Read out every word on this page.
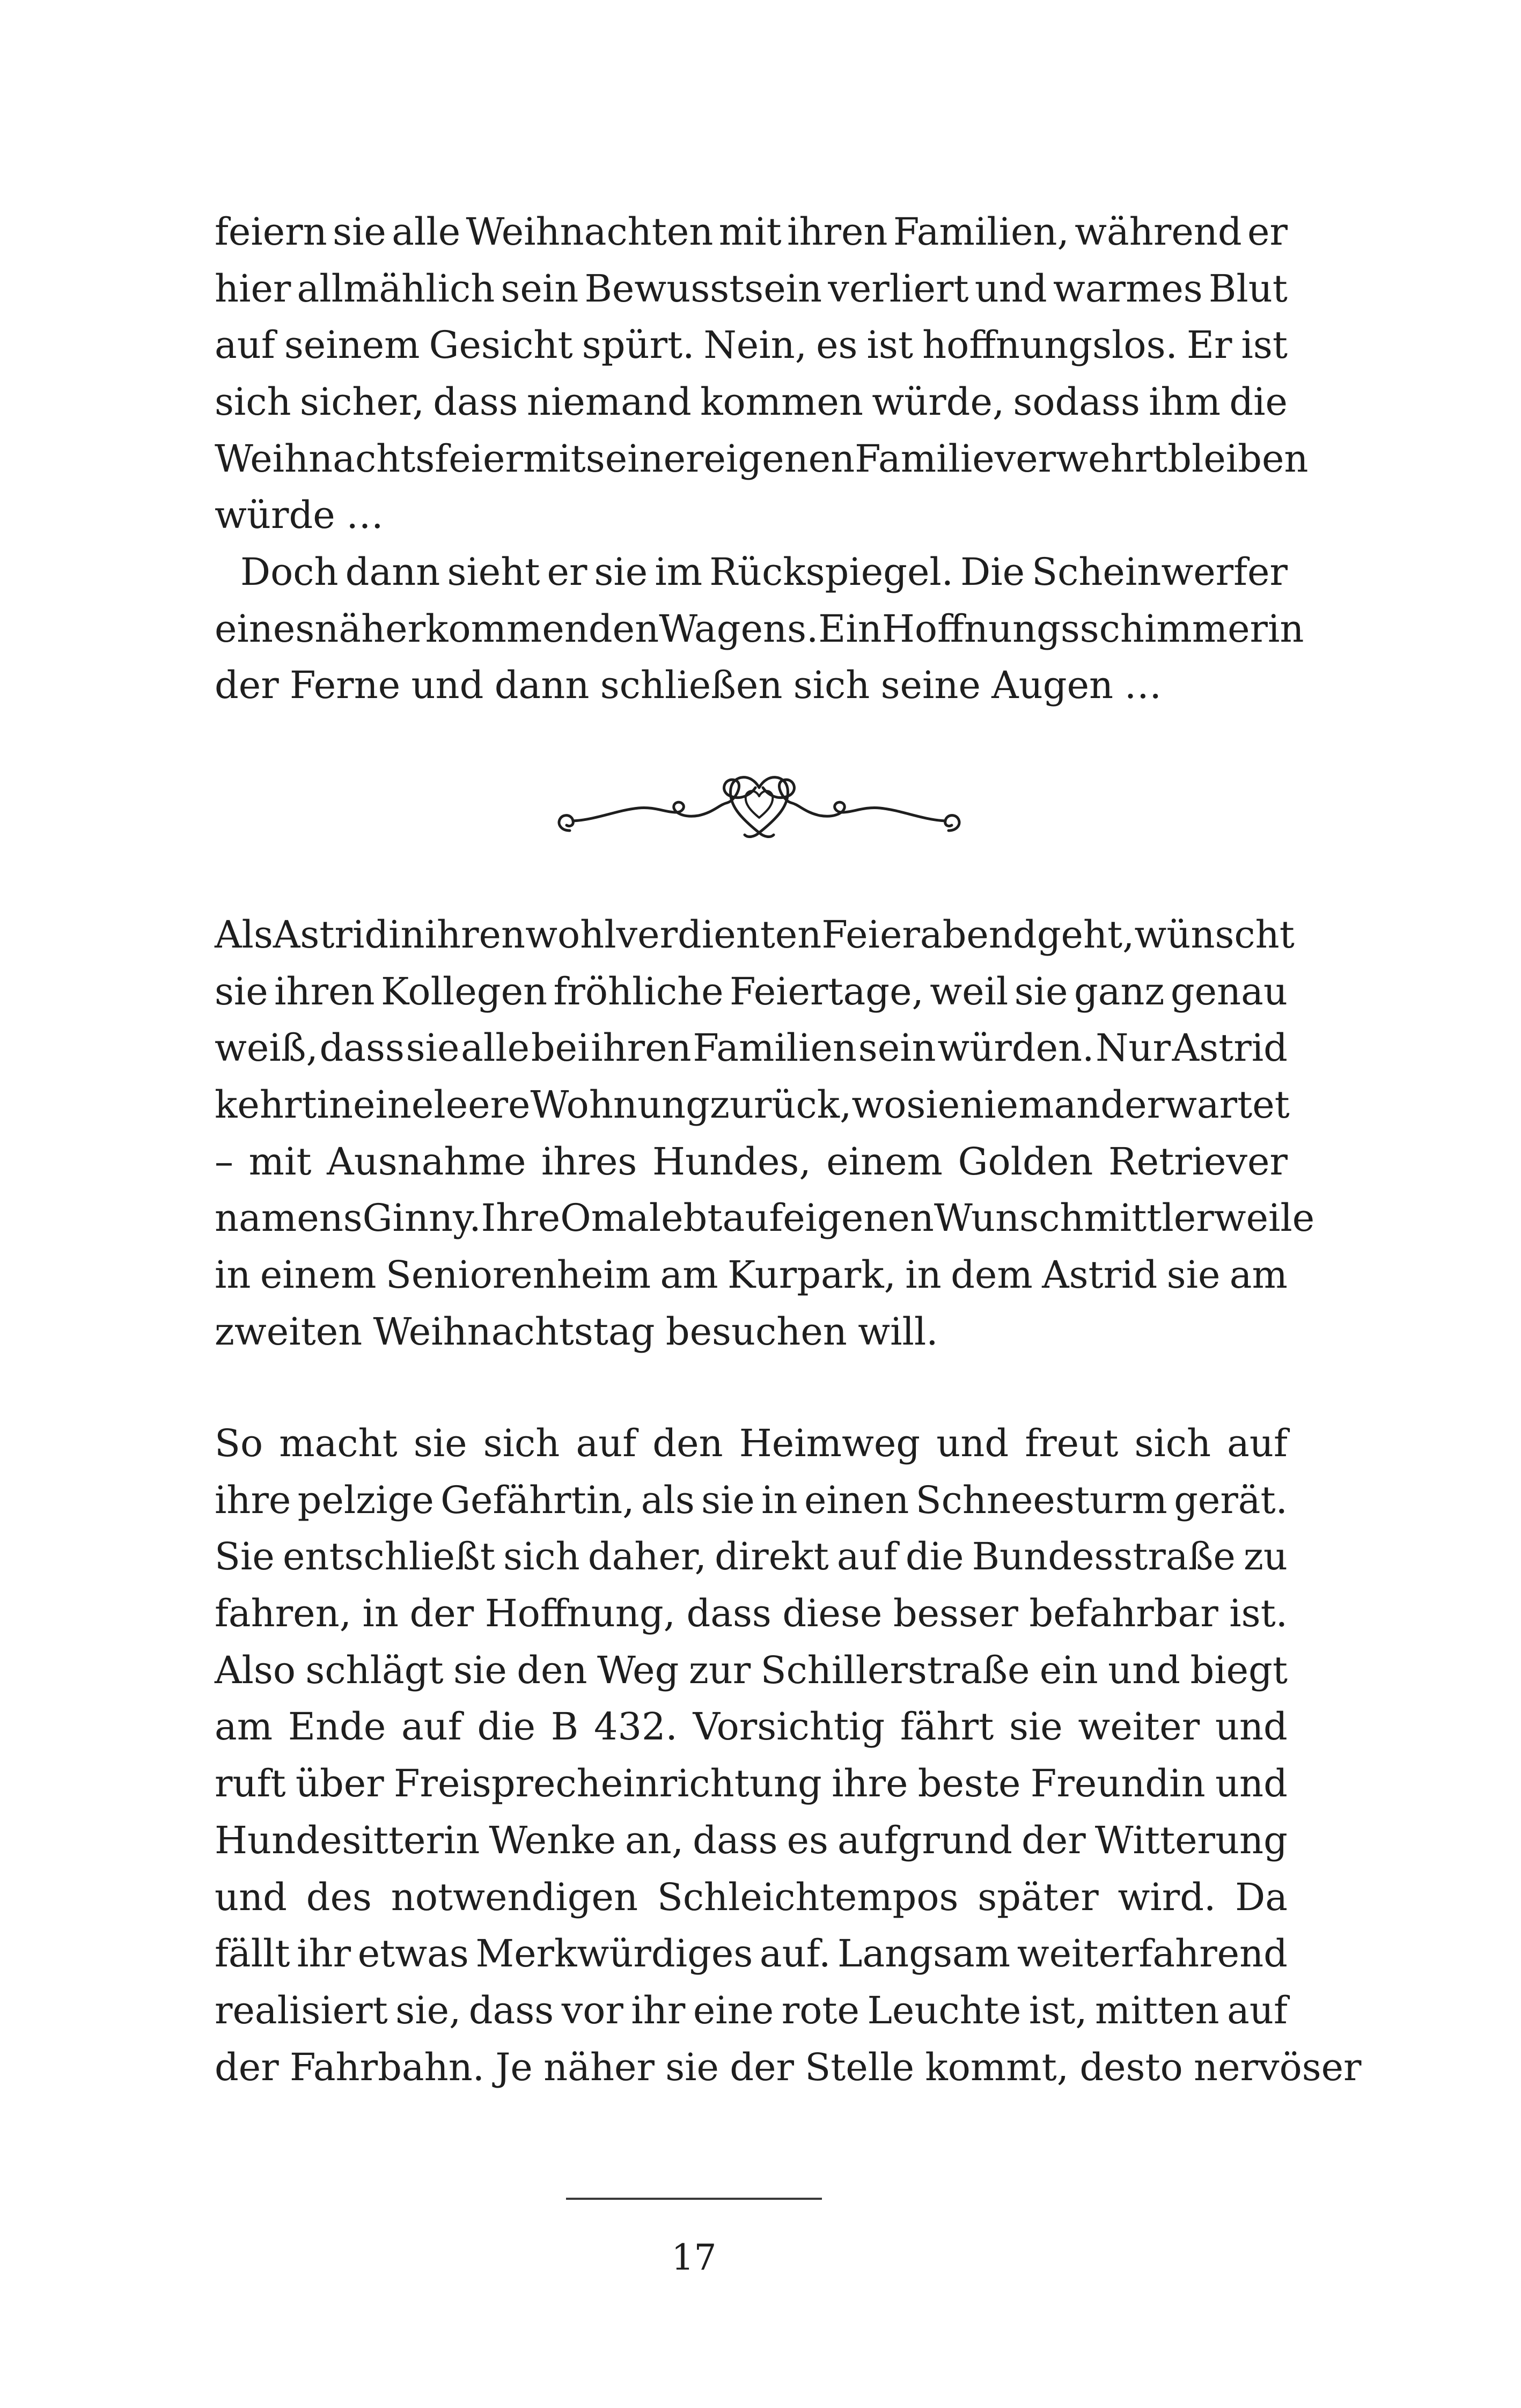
feiern sie alle Weihnachten mit ihren Familien, während er
hier allmählich sein Bewusstsein verliert und warmes Blut
auf seinem Gesicht spürt. Nein, es ist hoffnungslos. Er ist
sich sicher, dass niemand kommen würde, sodass ihm die
Weihnachtsfeier mit seiner eigenen Familie verwehrt bleiben
würde …
Doch dann sieht er sie im Rückspiegel. Die Scheinwerfer
eines näherkommenden Wagens. Ein Hoffnungsschimmer in
der Ferne und dann schließen sich seine Augen …
Als Astrid in ihren wohlverdienten Feierabend geht, wünscht
sie ihren Kollegen fröhliche Feiertage, weil sie ganz genau
weiß, dass sie alle bei ihren Familien sein würden. Nur Astrid
kehrt in eine leere Wohnung zurück, wo sie niemand erwartet
– mit Ausnahme ihres Hundes, einem Golden Retriever
namens Ginny. Ihre Oma lebt auf eigenen Wunsch mittlerweile
in einem Seniorenheim am Kurpark, in dem Astrid sie am
zweiten Weihnachtstag besuchen will.
So macht sie sich auf den Heimweg und freut sich auf
ihre pelzige Gefährtin, als sie in einen Schneesturm gerät.
Sie entschließt sich daher, direkt auf die Bundesstraße zu
fahren, in der Hoffnung, dass diese besser befahrbar ist.
Also schlägt sie den Weg zur Schillerstraße ein und biegt
am Ende auf die B 432. Vorsichtig fährt sie weiter und
ruft über Freisprecheinrichtung ihre beste Freundin und
Hundesitterin Wenke an, dass es aufgrund der Witterung
und des notwendigen Schleichtempos später wird. Da
fällt ihr etwas Merkwürdiges auf. Langsam weiterfahrend
realisiert sie, dass vor ihr eine rote Leuchte ist, mitten auf
der Fahrbahn. Je näher sie der Stelle kommt, desto nervöser
17
